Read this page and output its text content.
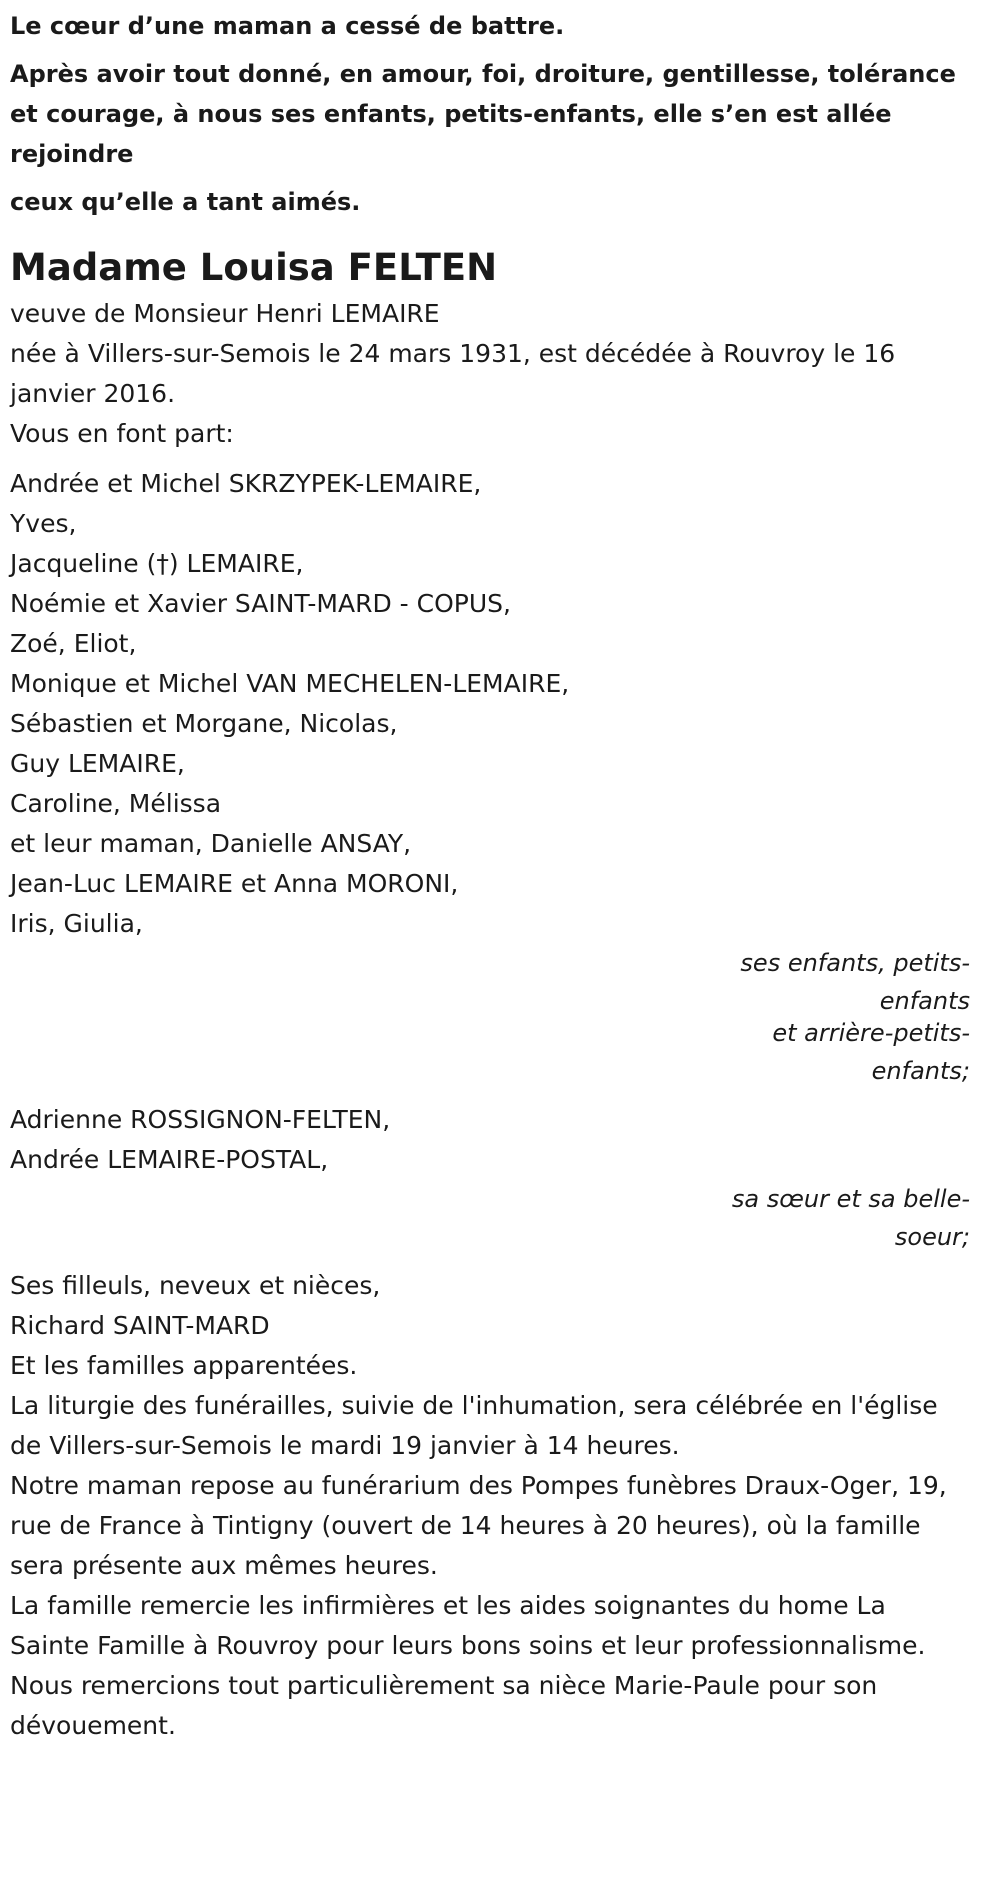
Le cœur d’une maman a cessé de battre.

Après avoir tout donné, en amour, foi, droiture, gentillesse, tolérance et courage, à nous ses enfants, petits-enfants, elle s’en est allée rejoindre

ceux qu’elle a tant aimés.

Madame Louisa FELTEN

veuve de Monsieur Henri LEMAIRE

née à Villers-sur-Semois le 24 mars 1931, est décédée à Rouvroy le 16 janvier 2016.

Vous en font part:

Andrée et Michel SKRZYPEK-LEMAIRE,
Yves,
Jacqueline (†) LEMAIRE,
Noémie et Xavier SAINT-MARD - COPUS,
Zoé, Eliot,
Monique et Michel VAN MECHELEN-LEMAIRE,
Sébastien et Morgane, Nicolas,
Guy LEMAIRE,
Caroline, Mélissa
et leur maman, Danielle ANSAY,
Jean-Luc LEMAIRE et Anna MORONI,
Iris, Giulia,
ses enfants, petits-enfants
et arrière-petits-enfants;
Adrienne ROSSIGNON-FELTEN,
Andrée LEMAIRE-POSTAL,
sa sœur et sa belle-soeur;
Ses filleuls, neveux et nièces,
Richard SAINT-MARD
Et les familles apparentées.

La liturgie des funérailles, suivie de l'inhumation, sera célébrée en l'église de Villers-sur-Semois le mardi 19 janvier à 14 heures.

Notre maman repose au funérarium des Pompes funèbres Draux-Oger, 19, rue de France à Tintigny (ouvert de 14 heures à 20 heures), où la famille sera présente aux mêmes heures.

La famille remercie les infirmières et les aides soignantes du home La Sainte Famille à Rouvroy pour leurs bons soins et leur professionnalisme.

Nous remercions tout particulièrement sa nièce Marie-Paule pour son dévouement.
